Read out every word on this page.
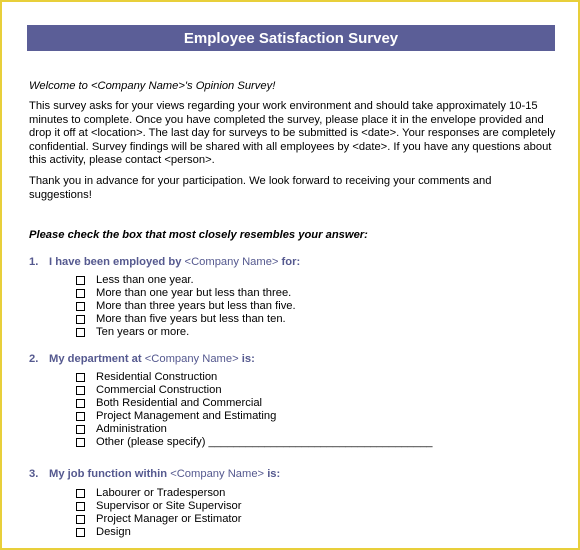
Employee Satisfaction Survey
Welcome to <Company Name>'s Opinion Survey!
This survey asks for your views regarding your work environment and should take approximately 10-15 minutes to complete. Once you have completed the survey, please place it in the envelope provided and drop it off at <location>. The last day for surveys to be submitted is <date>. Your responses are completely confidential. Survey findings will be shared with all employees by <date>. If you have any questions about this activity, please contact <person>.
Thank you in advance for your participation. We look forward to receiving your comments and suggestions!
Please check the box that most closely resembles your answer:
1. I have been employed by <Company Name> for:
Less than one year.
More than one year but less than three.
More than three years but less than five.
More than five years but less than ten.
Ten years or more.
2. My department at <Company Name> is:
Residential Construction
Commercial Construction
Both Residential and Commercial
Project Management and Estimating
Administration
Other (please specify) ____________________________________
3. My job function within <Company Name> is:
Labourer or Tradesperson
Supervisor or Site Supervisor
Project Manager or Estimator
Design
